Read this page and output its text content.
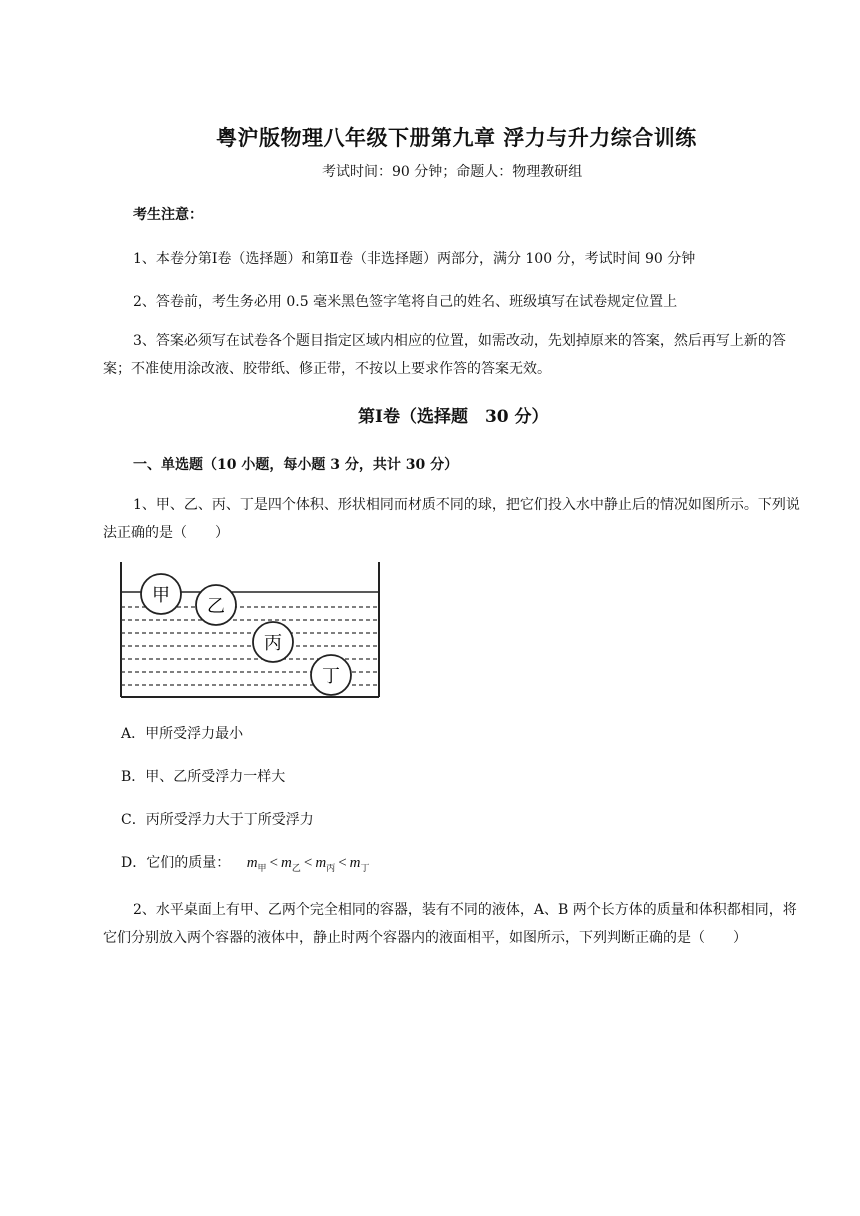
粤沪版物理八年级下册第九章 浮力与升力综合训练
考试时间：90 分钟；命题人：物理教研组
考生注意：
1、本卷分第Ⅰ卷（选择题）和第Ⅱ卷（非选择题）两部分，满分 100 分，考试时间 90 分钟
2、答卷前，考生务必用 0.5 毫米黑色签字笔将自己的姓名、班级填写在试卷规定位置上
3、答案必须写在试卷各个题目指定区域内相应的位置，如需改动，先划掉原来的答案，然后再写上新的答案；不准使用涂改液、胶带纸、修正带，不按以上要求作答的答案无效。
第Ⅰ卷（选择题　30 分）
一、单选题（10 小题，每小题 3 分，共计 30 分）
1、甲、乙、丙、丁是四个体积、形状相同而材质不同的球，把它们投入水中静止后的情况如图所示。下列说法正确的是（　　）
甲
乙
丙
丁
A．甲所受浮力最小
B．甲、乙所受浮力一样大
C．丙所受浮力大于丁所受浮力
D．它们的质量： $m_甲 < m_乙 < m_丙 < m_丁$
2、水平桌面上有甲、乙两个完全相同的容器，装有不同的液体，A、B 两个长方体的质量和体积都相同，将它们分别放入两个容器的液体中，静止时两个容器内的液面相平，如图所示，下列判断正确的是（　　）
